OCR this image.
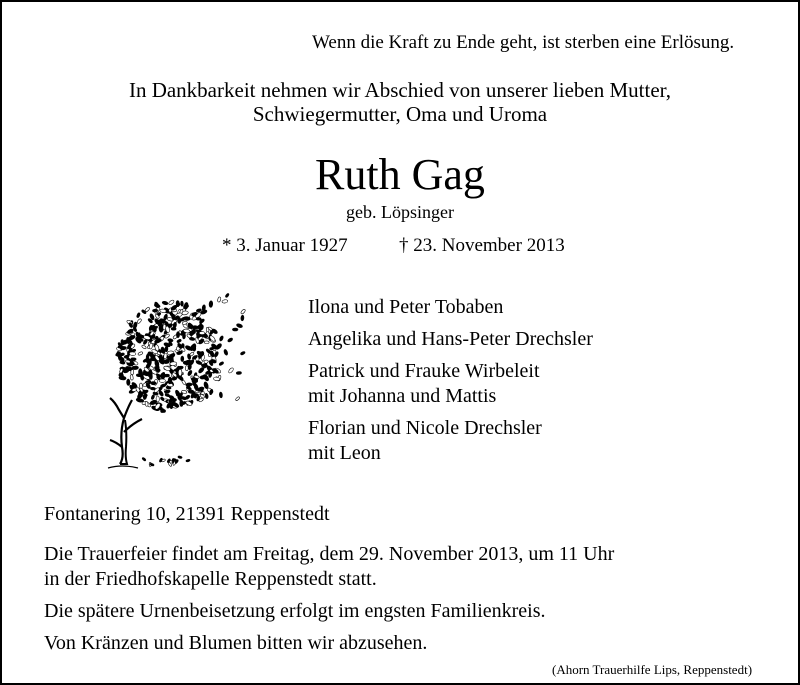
Wenn die Kraft zu Ende geht, ist sterben eine Erlösung.
In Dankbarkeit nehmen wir Abschied von unserer lieben Mutter,
Schwiegermutter, Oma und Uroma
Ruth Gag
geb. Löpsinger
* 3. Januar 1927	† 23. November 2013
Ilona und Peter Tobaben
Angelika und Hans-Peter Drechsler
Patrick und Frauke Wirbeleit
mit Johanna und Mattis
Florian und Nicole Drechsler
mit Leon
Fontanering 10, 21391 Reppenstedt
Die Trauerfeier findet am Freitag, dem 29. November 2013, um 11 Uhr
in der Friedhofskapelle Reppenstedt statt.
Die spätere Urnenbeisetzung erfolgt im engsten Familienkreis.
Von Kränzen und Blumen bitten wir abzusehen.
(Ahorn Trauerhilfe Lips, Reppenstedt)
